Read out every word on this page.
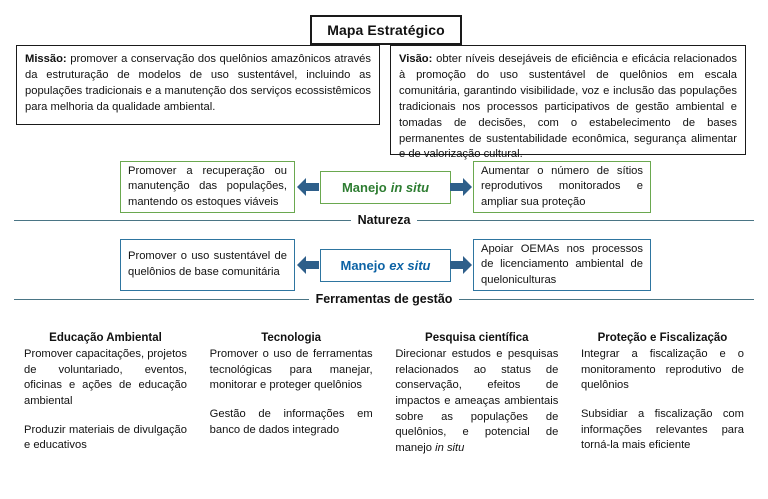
Mapa Estratégico
Missão: promover a conservação dos quelônios amazônicos através da estruturação de modelos de uso sustentável, incluindo as populações tradicionais e a manutenção dos serviços ecossistêmicos para melhoria da qualidade ambiental.
Visão: obter níveis desejáveis de eficiência e eficácia relacionados à promoção do uso sustentável de quelônios em escala comunitária, garantindo visibilidade, voz e inclusão das populações tradicionais nos processos participativos de gestão ambiental e tomadas de decisões, com o estabelecimento de bases permanentes de sustentabilidade econômica, segurança alimentar e de valorização cultural.
Promover a recuperação ou manutenção das populações, mantendo os estoques viáveis
Manejo in situ
Aumentar o número de sítios reprodutivos monitorados e ampliar sua proteção
Natureza
Promover o uso sustentável de quelônios de base comunitária	Manejo ex situ
Apoiar OEMAs nos processos de licenciamento ambiental de queloniculturas
Ferramentas de gestão
Educação Ambiental
Promover capacitações, projetos de voluntariado, eventos, oficinas e ações de educação ambiental
Produzir materiais de divulgação e educativos
Tecnologia
Promover o uso de ferramentas tecnológicas para manejar, monitorar e proteger quelônios
Gestão de informações em banco de dados integrado
Pesquisa científica
Direcionar estudos e pesquisas relacionados ao status de conservação, efeitos de impactos e ameaças ambientais sobre as populações de quelônios, e potencial de manejo in situ
Proteção e Fiscalização
Integrar a fiscalização e o monitoramento reprodutivo de quelônios
Subsidiar a fiscalização com informações relevantes para torná-la mais eficiente
